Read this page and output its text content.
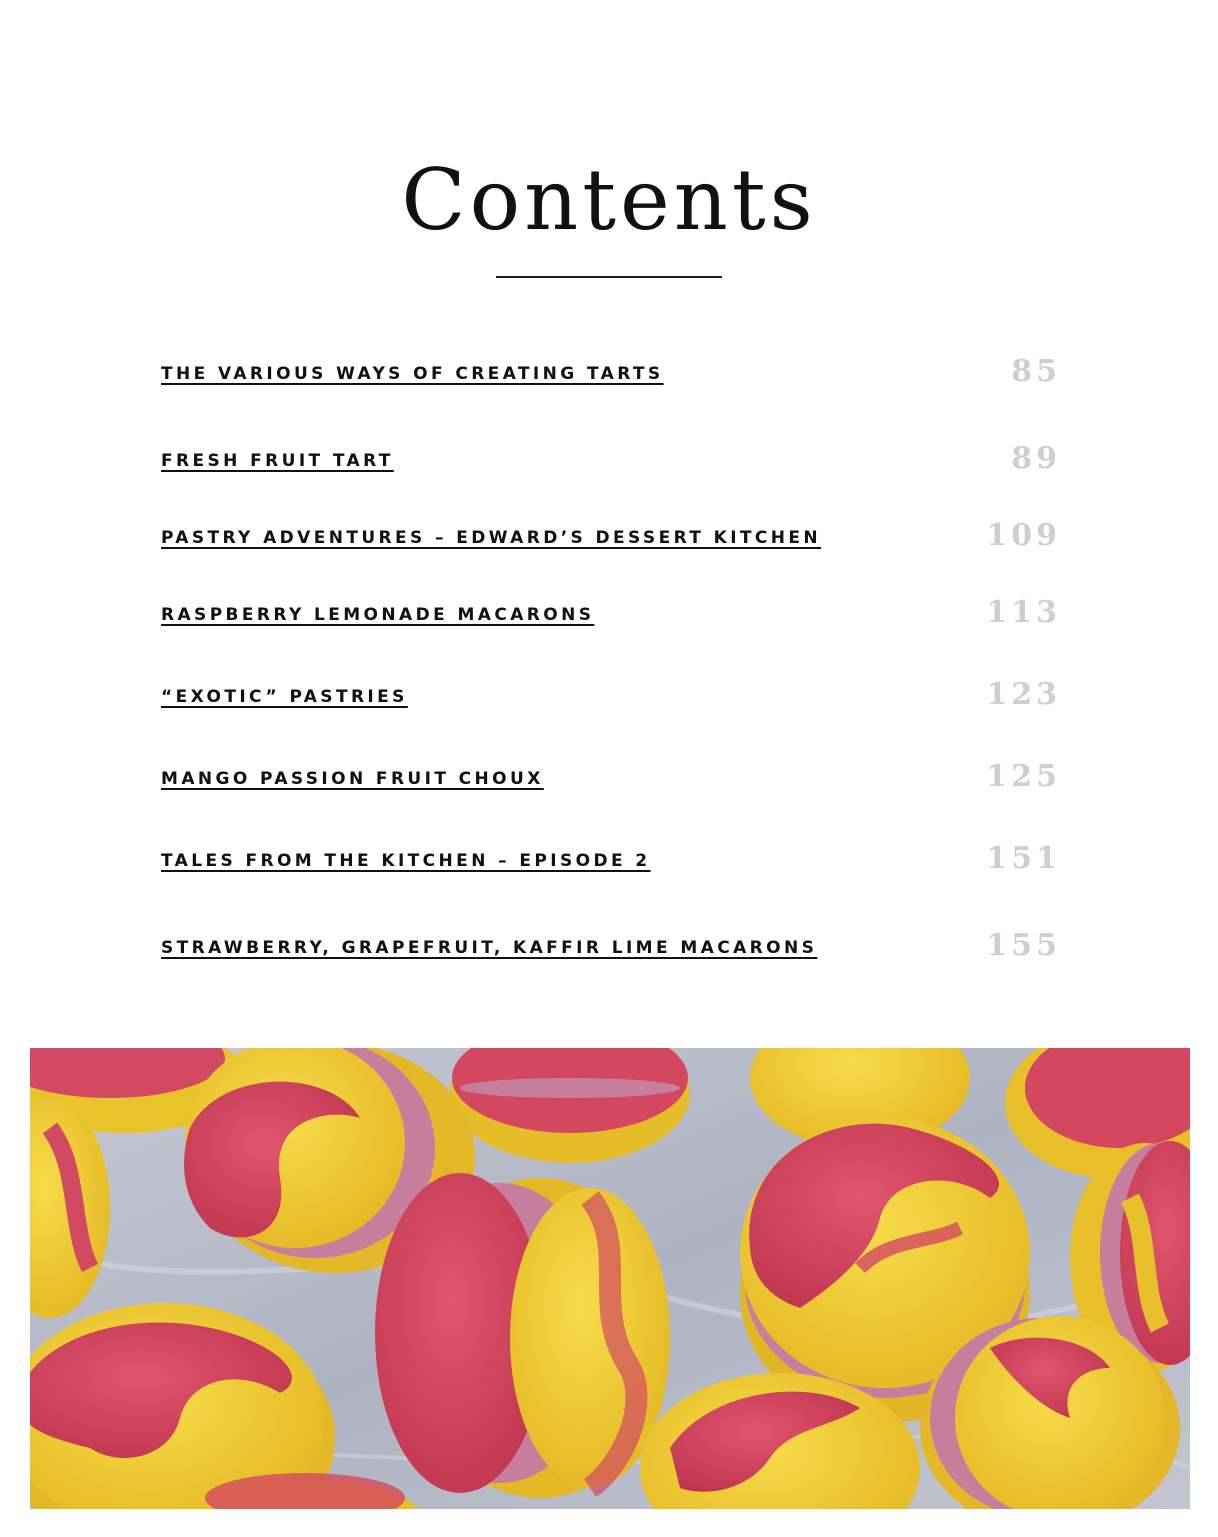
Contents
THE VARIOUS WAYS OF CREATING TARTS	85
FRESH FRUIT TART	89
PASTRY ADVENTURES – EDWARD’S DESSERT KITCHEN	109
RASPBERRY LEMONADE MACARONS	113
“EXOTIC” PASTRIES	123
MANGO PASSION FRUIT CHOUX	125
TALES FROM THE KITCHEN – EPISODE 2	151
STRAWBERRY, GRAPEFRUIT, KAFFIR LIME MACARONS	155
